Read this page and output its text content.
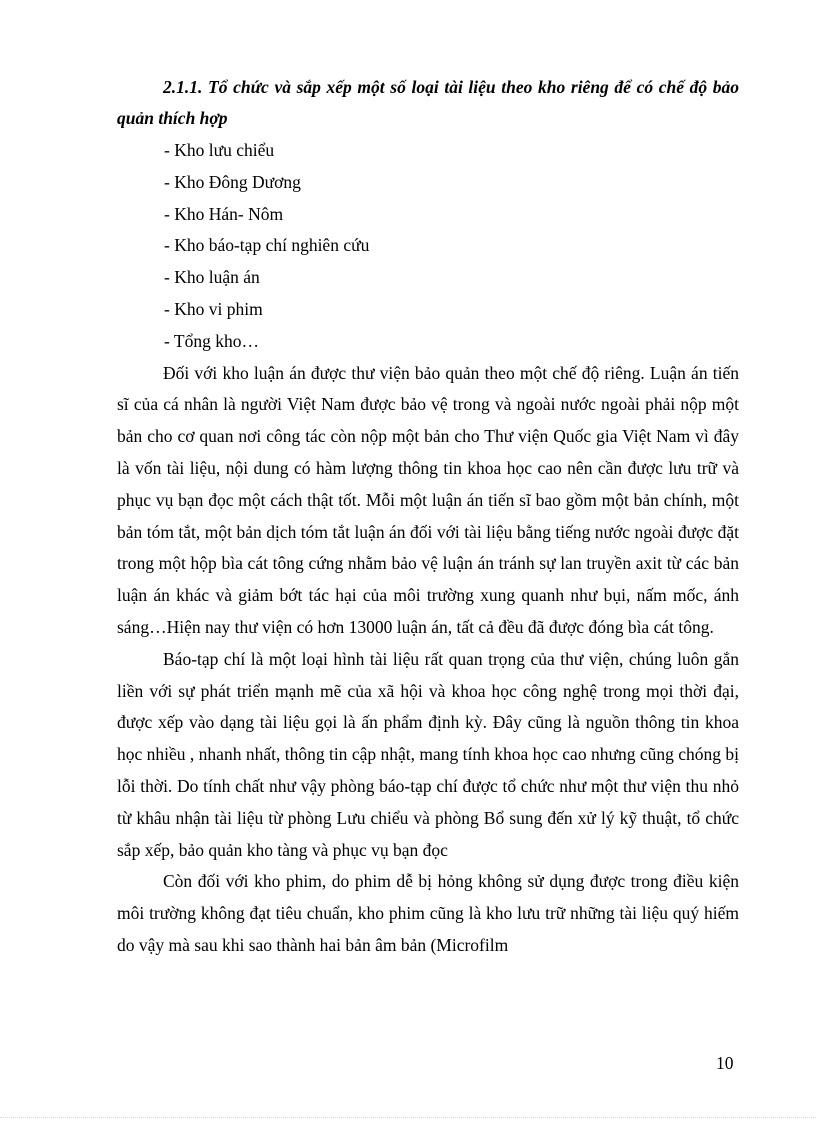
2.1.1. Tổ chức và sắp xếp một số loại tài liệu theo kho riêng để có chế độ bảo quản thích hợp

- Kho lưu chiểu
- Kho Đông Dương
- Kho Hán- Nôm
- Kho báo-tạp chí nghiên cứu
- Kho luận án
- Kho vi phim
- Tổng kho…

Đối với kho luận án được thư viện bảo quản theo một chế độ riêng. Luận án tiến sĩ của cá nhân là người Việt Nam được bảo vệ trong và ngoài nước ngoài phải nộp một bản cho cơ quan nơi công tác còn nộp một bản cho Thư viện Quốc gia Việt Nam vì đây là vốn tài liệu, nội dung có hàm lượng thông tin khoa học cao nên cần được lưu trữ và phục vụ bạn đọc một cách thật tốt. Mỗi một luận án tiến sĩ bao gồm một bản chính, một bản tóm tắt, một bản dịch tóm tắt luận án đối với tài liệu bằng tiếng nước ngoài được đặt trong một hộp bìa cát tông cứng nhằm bảo vệ luận án tránh sự lan truyền axit từ các bản luận án khác và giảm bớt tác hại của môi trường xung quanh như bụi, nấm mốc, ánh sáng…Hiện nay thư viện có hơn 13000 luận án, tất cả đều đã được đóng bìa cát tông.

Báo-tạp chí là một loại hình tài liệu rất quan trọng của thư viện, chúng luôn gắn liền với sự phát triển mạnh mẽ của xã hội và khoa học công nghệ trong mọi thời đại, được xếp vào dạng tài liệu gọi là ấn phẩm định kỳ. Đây cũng là nguồn thông tin khoa học nhiều , nhanh nhất, thông tin cập nhật, mang tính khoa học cao nhưng cũng chóng bị lỗi thời. Do tính chất như vậy phòng báo-tạp chí được tổ chức như một thư viện thu nhỏ từ khâu nhận tài liệu từ phòng Lưu chiểu và phòng Bổ sung đến xử lý kỹ thuật, tổ chức sắp xếp, bảo quản kho tàng và phục vụ bạn đọc

Còn đối với kho phim, do phim dễ bị hỏng không sử dụng được trong điều kiện môi trường không đạt tiêu chuẩn, kho phim cũng là kho lưu trữ những tài liệu quý hiếm do vậy mà sau khi sao thành hai bản âm bản (Microfilm

10
